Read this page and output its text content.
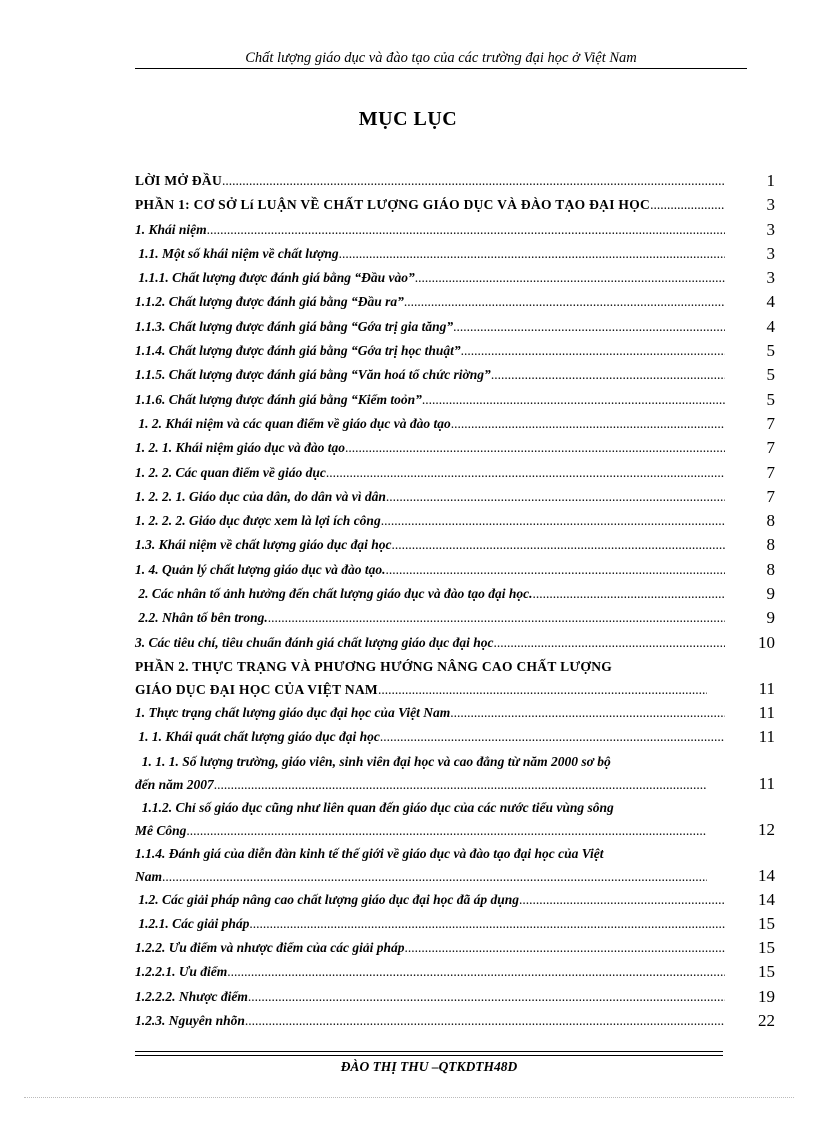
Chất lượng giáo dục và đào tạo của các trường đại học ở Việt Nam
MỤC LỤC
LỜI MỞ ĐẦU .....	1
PHẦN 1: CƠ SỞ Lí LUẬN VỀ CHẤT LƯỢNG GIÁO DỤC VÀ ĐÀO TẠO ĐẠI HỌC .....	3
1. Khái niệm .....	3
1.1. Một số khái niệm về chất lượng .....	3
1.1.1. Chất lượng được đánh giá bằng “Đầu vào” .....	3
1.1.2. Chất lượng được đánh giá bằng “Đầu ra” .....	4
1.1.3. Chất lượng được đánh giá bằng “Gớa trị gia tăng” .....	4
1.1.4. Chất lượng được đánh giá bằng “Gớa trị học thuật” .....	5
1.1.5. Chất lượng được đánh giá bằng “Văn hoá tổ chức riờng” .....	5
1.1.6. Chất lượng được đánh giá bằng “Kiểm toỏn” .....	5
1. 2. Khái niệm và các quan điểm về giáo dục và đào tạo .....	7
1. 2. 1. Khái niệm giáo dục và đào tạo .....	7
1. 2. 2. Các quan điểm về giáo dục .....	7
1. 2. 2. 1. Giáo dục của dân, do dân và vì dân .....	7
1. 2. 2. 2. Giáo dục được xem là lợi ích công .....	8
1.3. Khái niệm về chất lượng giáo dục đại học .....	8
1. 4. Quản lý chất lượng giáo dục và đào tạo. .....	8
2. Các nhân tố ảnh hưởng đến chất lượng giáo dục và đào tạo đại học. .....	9
2.2. Nhân tố bên trong. .....	9
3. Các tiêu chí, tiêu chuẩn đánh giá chất lượng giáo dục đại học .....	10
PHẦN 2. THỰC TRẠNG VÀ PHƯƠNG HƯỚNG NÂNG CAO CHẤT LƯỢNG
GIÁO DỤC ĐẠI HỌC CỦA VIỆT NAM .....	11
1. Thực trạng chất lượng giáo dục đại học của Việt Nam .....	11
1. 1. Khái quát chất lượng giáo dục đại học .....	11
1. 1. 1. Số lượng trường, giáo viên, sinh viên đại học và cao đẳng từ năm 2000 sơ bộ
đến năm 2007 .....	11
1.1.2. Chỉ số giáo dục cũng như liên quan đến giáo dục của các nước tiểu vùng sông
Mê Công .....	12
1.1.4. Đánh giá của diễn đàn kinh tế thế giới về giáo dục và đào tạo đại học của Việt
Nam .....	14
1.2. Các giải pháp nâng cao chất lượng giáo dục đại học đã áp dụng .....	14
1.2.1. Các giải pháp .....	15
1.2.2. Ưu điểm và nhược điểm của các giải pháp .....	15
1.2.2.1. Ưu điểm .....	15
1.2.2.2. Nhược điểm .....	19
1.2.3. Nguyên nhõn .....	22
ĐÀO THỊ THU –QTKDTH48D
